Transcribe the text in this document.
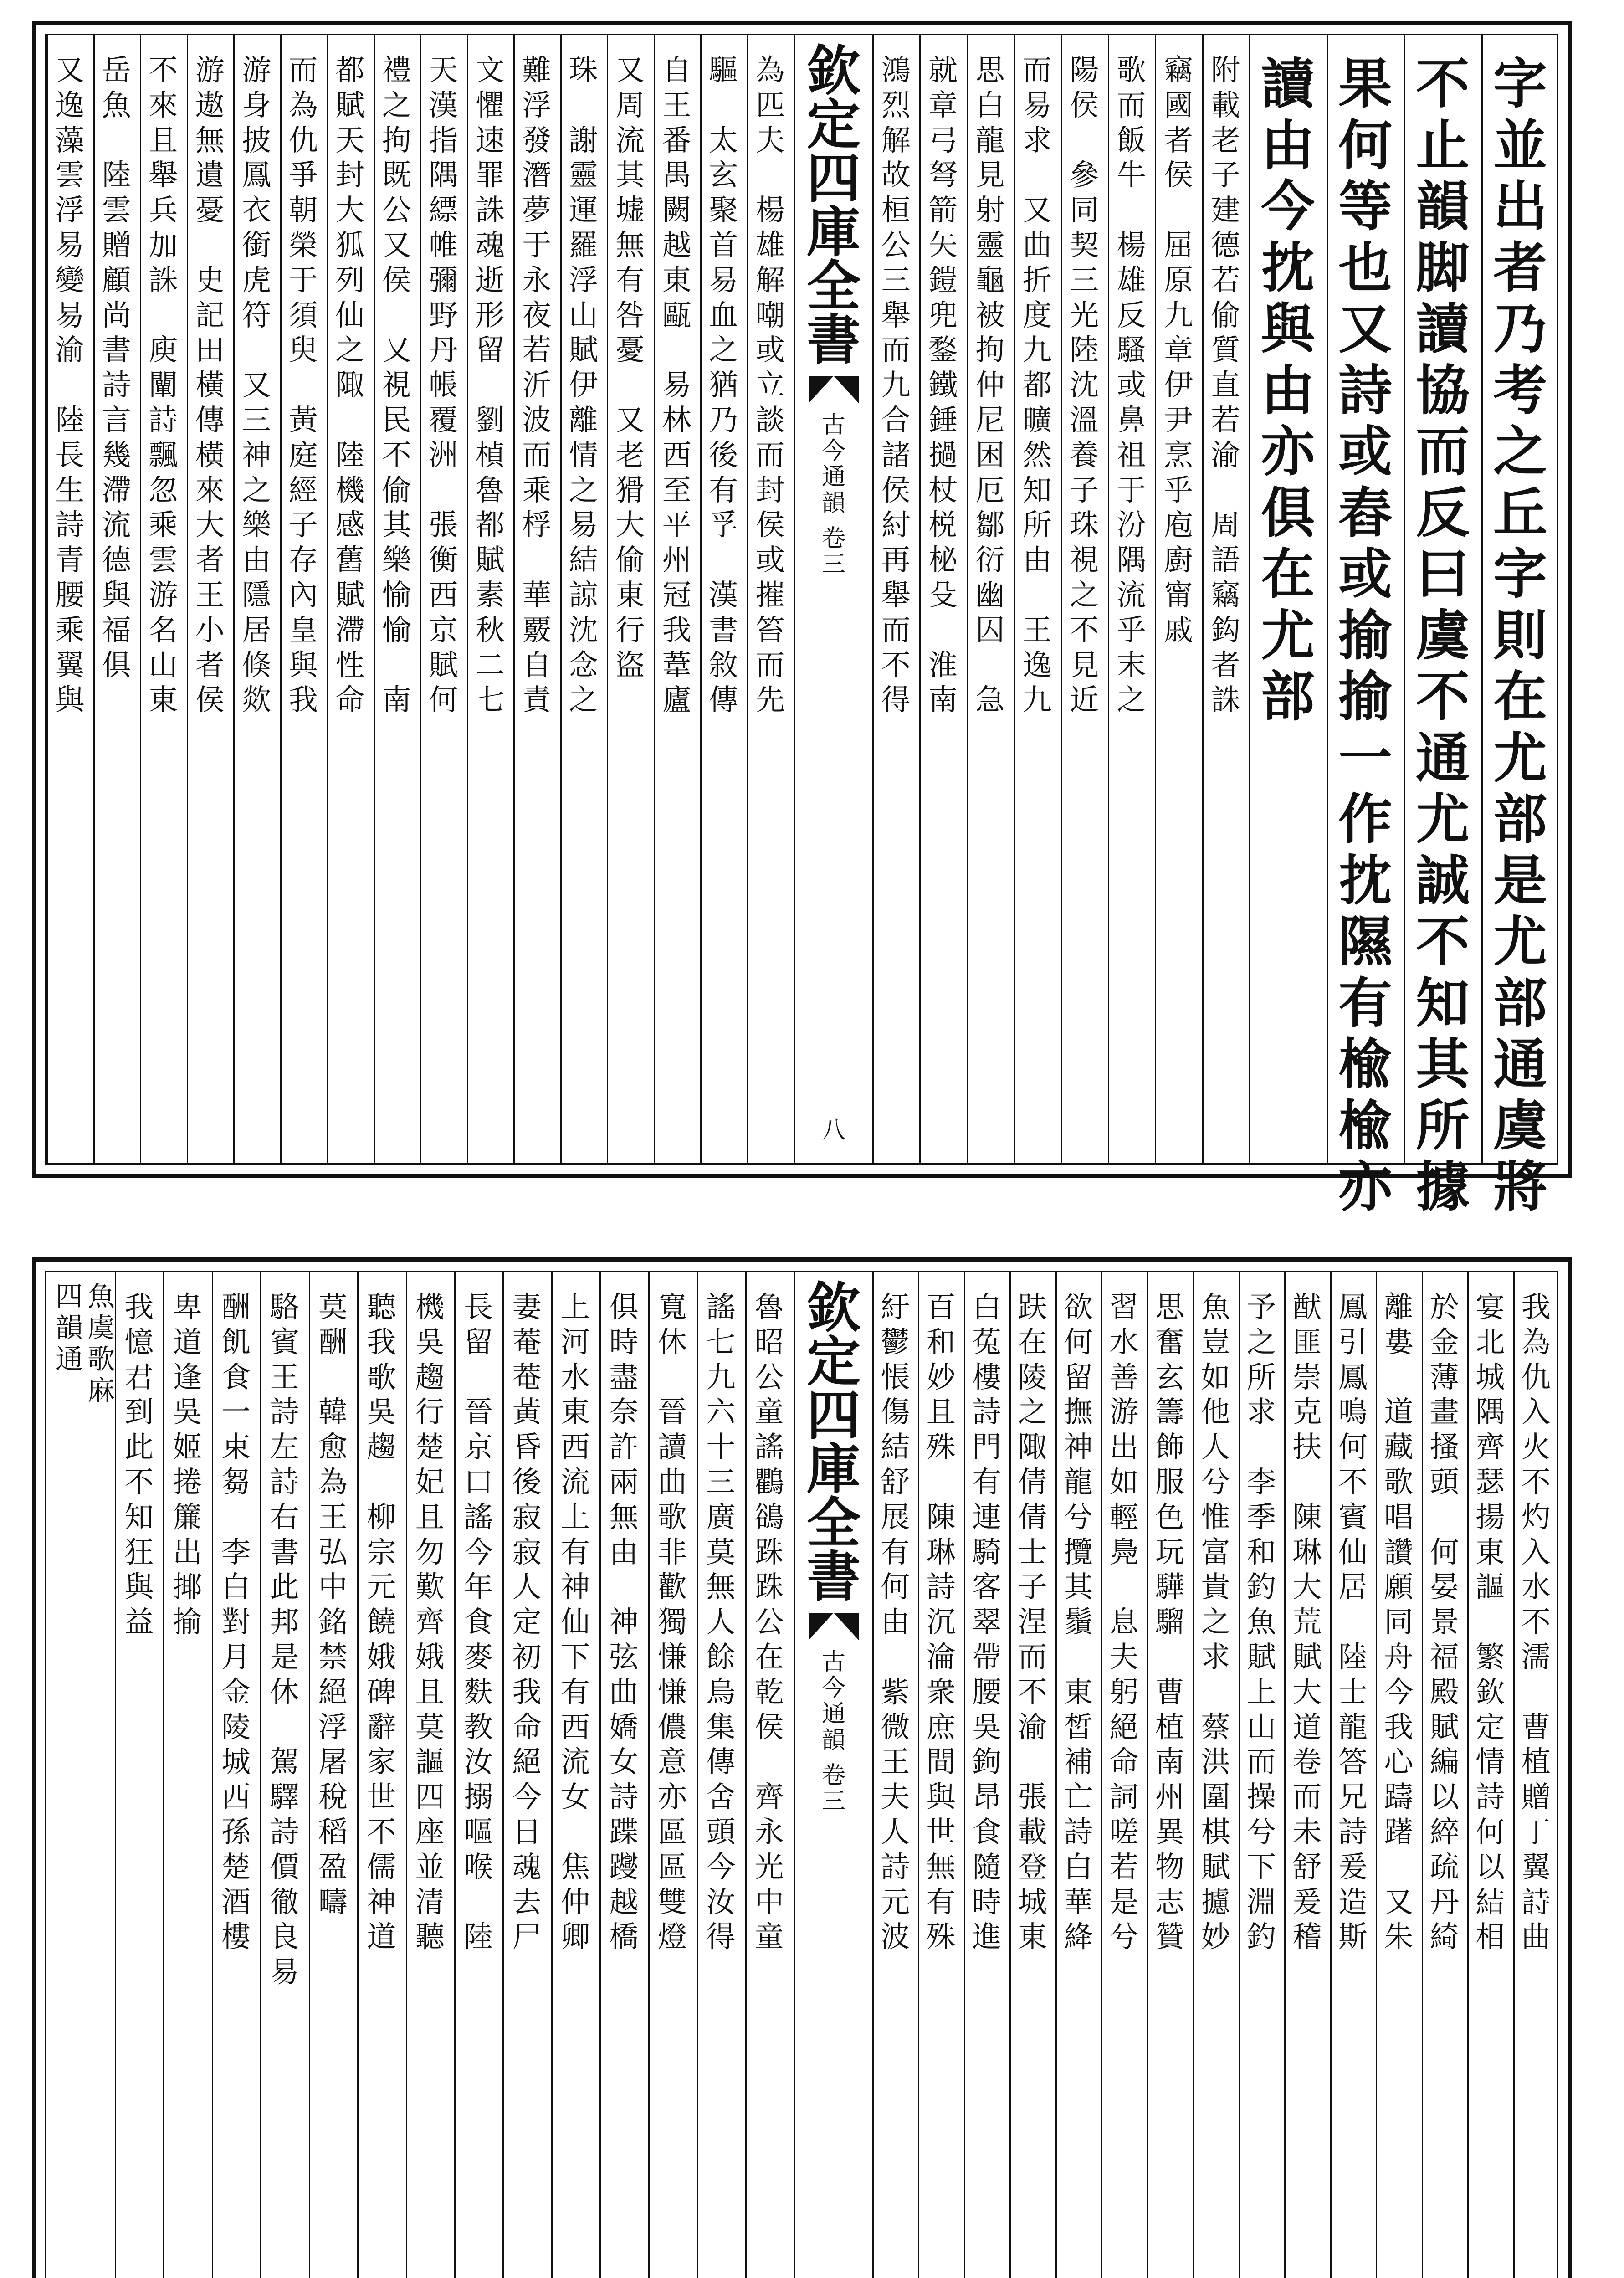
為
匹
夫

楊
雄
解
嘲
或
立
談
而
封
侯
或
摧
笞
而
先
驅

太
玄
聚
首
易
血
之
猶
乃
後
有
孚

漢
書
敘
傳
自
王
番
禺
闕
越
東
甌

易
林
西
至
平
州
冠
我
葦
廬
又
周
流
其
墟
無
有
咎
憂

又
老
猾
大
偷
東
行
盜
珠

謝
靈
運
羅
浮
山
賦
伊
離
情
之
易
結
諒
沈
念
之
難
浮
發
潛
夢
于
永
夜
若
沂
波
而
乘
桴

華
覈
自
責
文
懼
速
罪
誅
魂
逝
形
留

劉
楨
魯
都
賦
素
秋
二
七
天
漢
指
隅
縹
帷
彌
野
丹
帳
覆
洲

張
衡
西
京
賦
何
禮
之
拘
既
公
又
侯

又
視
民
不
偷
其
樂
愉
愉

南
都
賦
天
封
大
狐
列
仙
之
陬

陸
機
感
舊
賦
滯
性
命
而
為
仇
爭
朝
榮
于
須
臾

黃
庭
經
子
存
內
皇
與
我
游
身
披
鳳
衣
銜
虎
符

又
三
神
之
樂
由
隱
居
倏
欻
游
遨
無
遺
憂

史
記
田
橫
傳
橫
來
大
者
王
小
者
侯
不
來
且
舉
兵
加
誅

庾
闡
詩
飄
忽
乘
雲
游
名
山
東
岳
魚

陸
雲
贈
顧
尚
書
詩
言
幾
滯
流
德
與
福
俱
又
逸
藻
雲
浮
易
變
易
渝

陸
長
生
詩
青
腰
乘
翼
與
欽
定
四
庫
全
書
古
今
通
韻
卷
三
八
字
並
出
者
乃
考
之
丘
字
則
在
尤
部
是
尤
部
通
虞
將
不
止
韻
脚
讀
協
而
反
曰
虞
不
通
尤
誠
不
知
其
所
據
果
何
等
也
又
詩
或
舂
或
揄
揄
一
作
抌
隰
有
楡
楡
亦
讀
由
今
抌
與
由
亦
俱
在
尤
部
附
載
老
子
建
德
若
偷
質
直
若
渝

周
語
竊
鈎
者
誅
竊
國
者
侯

屈
原
九
章
伊
尹
烹
乎
庖
廚
甯
戚
歌
而
飯
牛

楊
雄
反
騷
或
鼻
祖
于
汾
隅
流
乎
末
之
陽
侯

參
同
契
三
光
陸
沈
溫
養
子
珠
視
之
不
見
近
而
易
求

又
曲
折
度
九
都
曠
然
知
所
由

王
逸
九
思
白
龍
見
射
靈
龜
被
拘
仲
尼
困
厄
鄒
衍
幽
囚

急
就
章
弓
弩
箭
矢
鎧
兜
鍪
鐵
錘
撾
杖
棁
柲
殳

淮
南
鴻
烈
解
故
桓
公
三
舉
而
九
合
諸
侯
紂
再
舉
而
不
得
魯
昭
公
童
謠
鸜
鵒
跦
跦
公
在
乾
侯

齊
永
光
中
童
謠
七
九
六
十
三
廣
莫
無
人
餘
烏
集
傳
舍
頭
今
汝
得
寬
休

晉
讀
曲
歌
非
歡
獨
慊
慊
儂
意
亦
區
區
雙
燈
俱
時
盡
奈
許
兩
無
由

神
弦
曲
嬌
女
詩
蹀
躞
越
橋
上
河
水
東
西
流
上
有
神
仙
下
有
西
流
女

焦
仲
卿
妻
菴
菴
黃
昏
後
寂
寂
人
定
初
我
命
絕
今
日
魂
去
尸
長
留

晉
京
口
謠
今
年
食
麥
麩
教
汝
搦
嘔
喉

陸
機
吳
趨
行
楚
妃
且
勿
歎
齊
娥
且
莫
謳
四
座
並
清
聽
聽
我
歌
吳
趨

柳
宗
元
饒
娥
碑
辭
家
世
不
儒
神
道
莫
酬

韓
愈
為
王
弘
中
銘
禁
絕
浮
屠
稅
稻
盈
疇
駱
賓
王
詩
左
詩
右
書
此
邦
是
休

駕
驛
詩
價
徹
良
易
酬
飢
食
一
束
芻

李
白
對
月
金
陵
城
西
孫
楚
酒
樓
卑
道
逢
吳
姬
捲
簾
出
揶
揄
我
憶
君
到
此
不
知
狂
與
益
欽
定
四
庫
全
書
古
今
通
韻
卷
三
我
為
仇
入
火
不
灼
入
水
不
濡

曹
植
贈
丁
翼
詩
曲
宴
北
城
隅
齊
瑟
揚
東
謳

繁
欽
定
情
詩
何
以
結
相
於
金
薄
畫
搔
頭

何
晏
景
福
殿
賦
編
以
綷
疏
丹
綺
離
婁

道
藏
歌
唱
讚
願
同
舟
今
我
心
躊
躇

又
朱
鳳
引
鳳
鳴
何
不
賓
仙
居

陸
士
龍
答
兄
詩
爰
造
斯
猷
匪
崇
克
扶

陳
琳
大
荒
賦
大
道
卷
而
未
舒
爰
稽
予
之
所
求

李
季
和
釣
魚
賦
上
山
而
操
兮
下
淵
釣
魚
豈
如
他
人
兮
惟
富
貴
之
求

蔡
洪
圍
棋
賦
攄
妙
思
奮
玄
籌
飾
服
色
玩
驊
騮

曹
植
南
州
異
物
志
贊
習
水
善
游
出
如
輕
鳧

息
夫
躬
絕
命
詞
嗟
若
是
兮
欲
何
留
撫
神
龍
兮
攬
其
鬚

東
皙
補
亡
詩
白
華
絳
趺
在
陵
之
陬
倩
倩
士
子
涅
而
不
渝

張
載
登
城
東
白
菟
樓
詩
門
有
連
騎
客
翠
帶
腰
吳
鉤
昂
食
隨
時
進
百
和
妙
且
殊

陳
琳
詩
沉
淪
衆
庶
間
與
世
無
有
殊
紆
鬱
悵
傷
結
舒
展
有
何
由

紫
微
王
夫
人
詩
元
波
魚
虞
歌
麻
四
韻
通
